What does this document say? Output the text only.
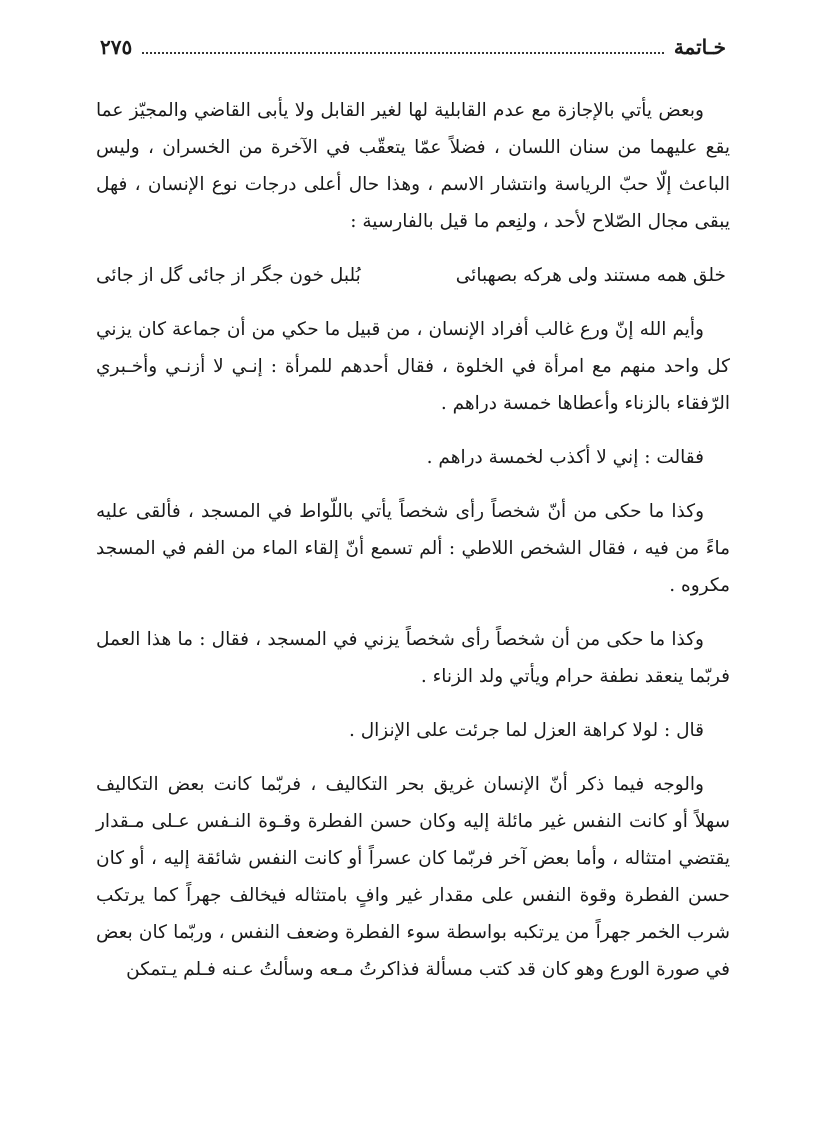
خـاتمة
٢٧٥

وبعض يأتي بالإجازة مع عدم القابلية لها لغير القابل ولا يأبى القاضي والمجيّز عما يقع عليهما من سنان اللسان ، فضلاً عمّا يتعقّب في الآخرة من الخسران ، وليس الباعث إلّا حبّ الرياسة وانتشار الاسم ، وهذا حال أعلى درجات نوع الإنسان ، فهل يبقى مجال الصّلاح لأحد ، ولنِعم ما قيل بالفارسية :

خلق همه مستند ولى هركه بصهبائى
بُلبل خون جگر از جائى گل از جائى

وأيم الله إنّ ورع غالب أفراد الإنسان ، من قبيل ما حكي من أن جماعة كان يزني كل واحد منهم مع امرأة في الخلوة ، فقال أحدهم للمرأة : إنـي لا أزنـي وأخـبري الرّفقاء بالزناء وأعطاها خمسة دراهم .

فقالت : إني لا أكذب لخمسة دراهم .

وكذا ما حكى من أنّ شخصاً رأى شخصاً يأتي باللّواط في المسجد ، فألقى عليه ماءً من فيه ، فقال الشخص اللاطي : ألم تسمع أنّ إلقاء الماء من الفم في المسجد مكروه .

وكذا ما حكى من أن شخصاً رأى شخصاً يزني في المسجد ، فقال : ما هذا العمل فربّما ينعقد نطفة حرام ويأتي ولد الزناء .

قال : لولا كراهة العزل لما جرئت على الإنزال .

والوجه فيما ذكر أنّ الإنسان غريق بحر التكاليف ، فربّما كانت بعض التكاليف سهلاً أو كانت النفس غير مائلة إليه وكان حسن الفطرة وقـوة النـفس عـلى مـقدار يقتضي امتثاله ، وأما بعض آخر فربّما كان عسراً أو كانت النفس شائقة إليه ، أو كان حسن الفطرة وقوة النفس على مقدار غير وافٍ بامتثاله فيخالف جهراً كما يرتكب شرب الخمر جهراً من يرتكبه بواسطة سوء الفطرة وضعف النفس ، وربّما كان بعض في صورة الورع وهو كان قد كتب مسألة فذاكرتُ مـعه وسألتُ عـنه فـلم يـتمكن
